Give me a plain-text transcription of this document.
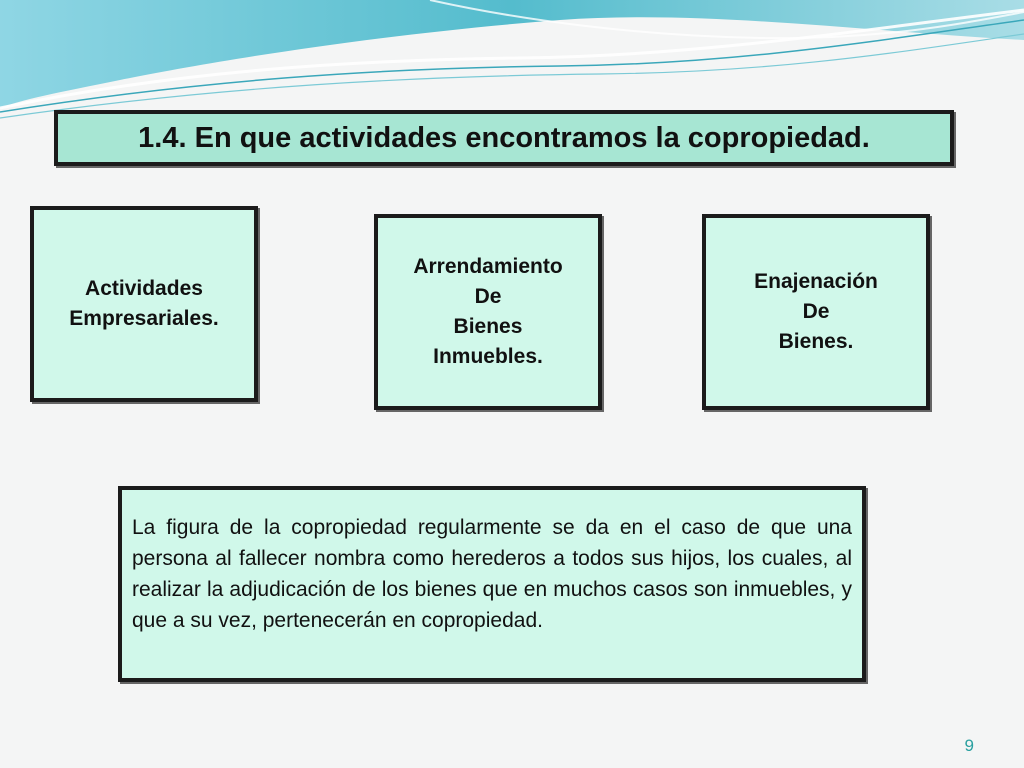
1.4. En que actividades encontramos la copropiedad.
Actividades
Empresariales.
Arrendamiento
De
Bienes
Inmuebles.
Enajenación
De
Bienes.
La figura de la copropiedad regularmente se da en el caso de que una persona al fallecer nombra como herederos a todos sus hijos, los cuales, al realizar la adjudicación de los bienes que en muchos casos son inmuebles, y que a su vez, pertenecerán en copropiedad.
9
